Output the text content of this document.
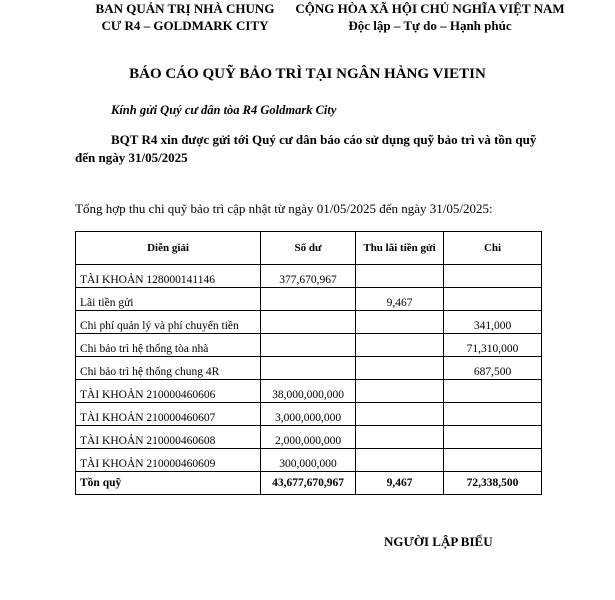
BAN QUẢN TRỊ NHÀ CHUNG
CƯ R4 – GOLDMARK CITY
CỘNG HÒA XÃ HỘI CHỦ NGHĨA VIỆT NAM
Độc lập – Tự do – Hạnh phúc
BÁO CÁO QUỸ BẢO TRÌ TẠI NGÂN HÀNG VIETIN
Kính gửi Quý cư dân tòa R4 Goldmark City
BQT R4 xin được gửi tới Quý cư dân báo cáo sử dụng quỹ bảo trì và tồn quỹ đến ngày 31/05/2025
Tổng hợp thu chi quỹ bảo trì cập nhật từ ngày 01/05/2025 đến ngày 31/05/2025:
Diễn giải	Số dư	Thu lãi tiền gửi	Chi
TÀI KHOẢN 128000141146	377,670,967		
Lãi tiền gửi		9,467	
Chi phí quản lý và phí chuyển tiền			341,000
Chi bảo trì hệ thống tòa nhà			71,310,000
Chi bảo trì hệ thống chung 4R			687,500
TÀI KHOẢN 210000460606	38,000,000,000		
TÀI KHOẢN 210000460607	3,000,000,000		
TÀI KHOẢN 210000460608	2,000,000,000		
TÀI KHOẢN 210000460609	300,000,000		
Tồn quỹ	43,677,670,967	9,467	72,338,500
NGƯỜI LẬP BIỂU
